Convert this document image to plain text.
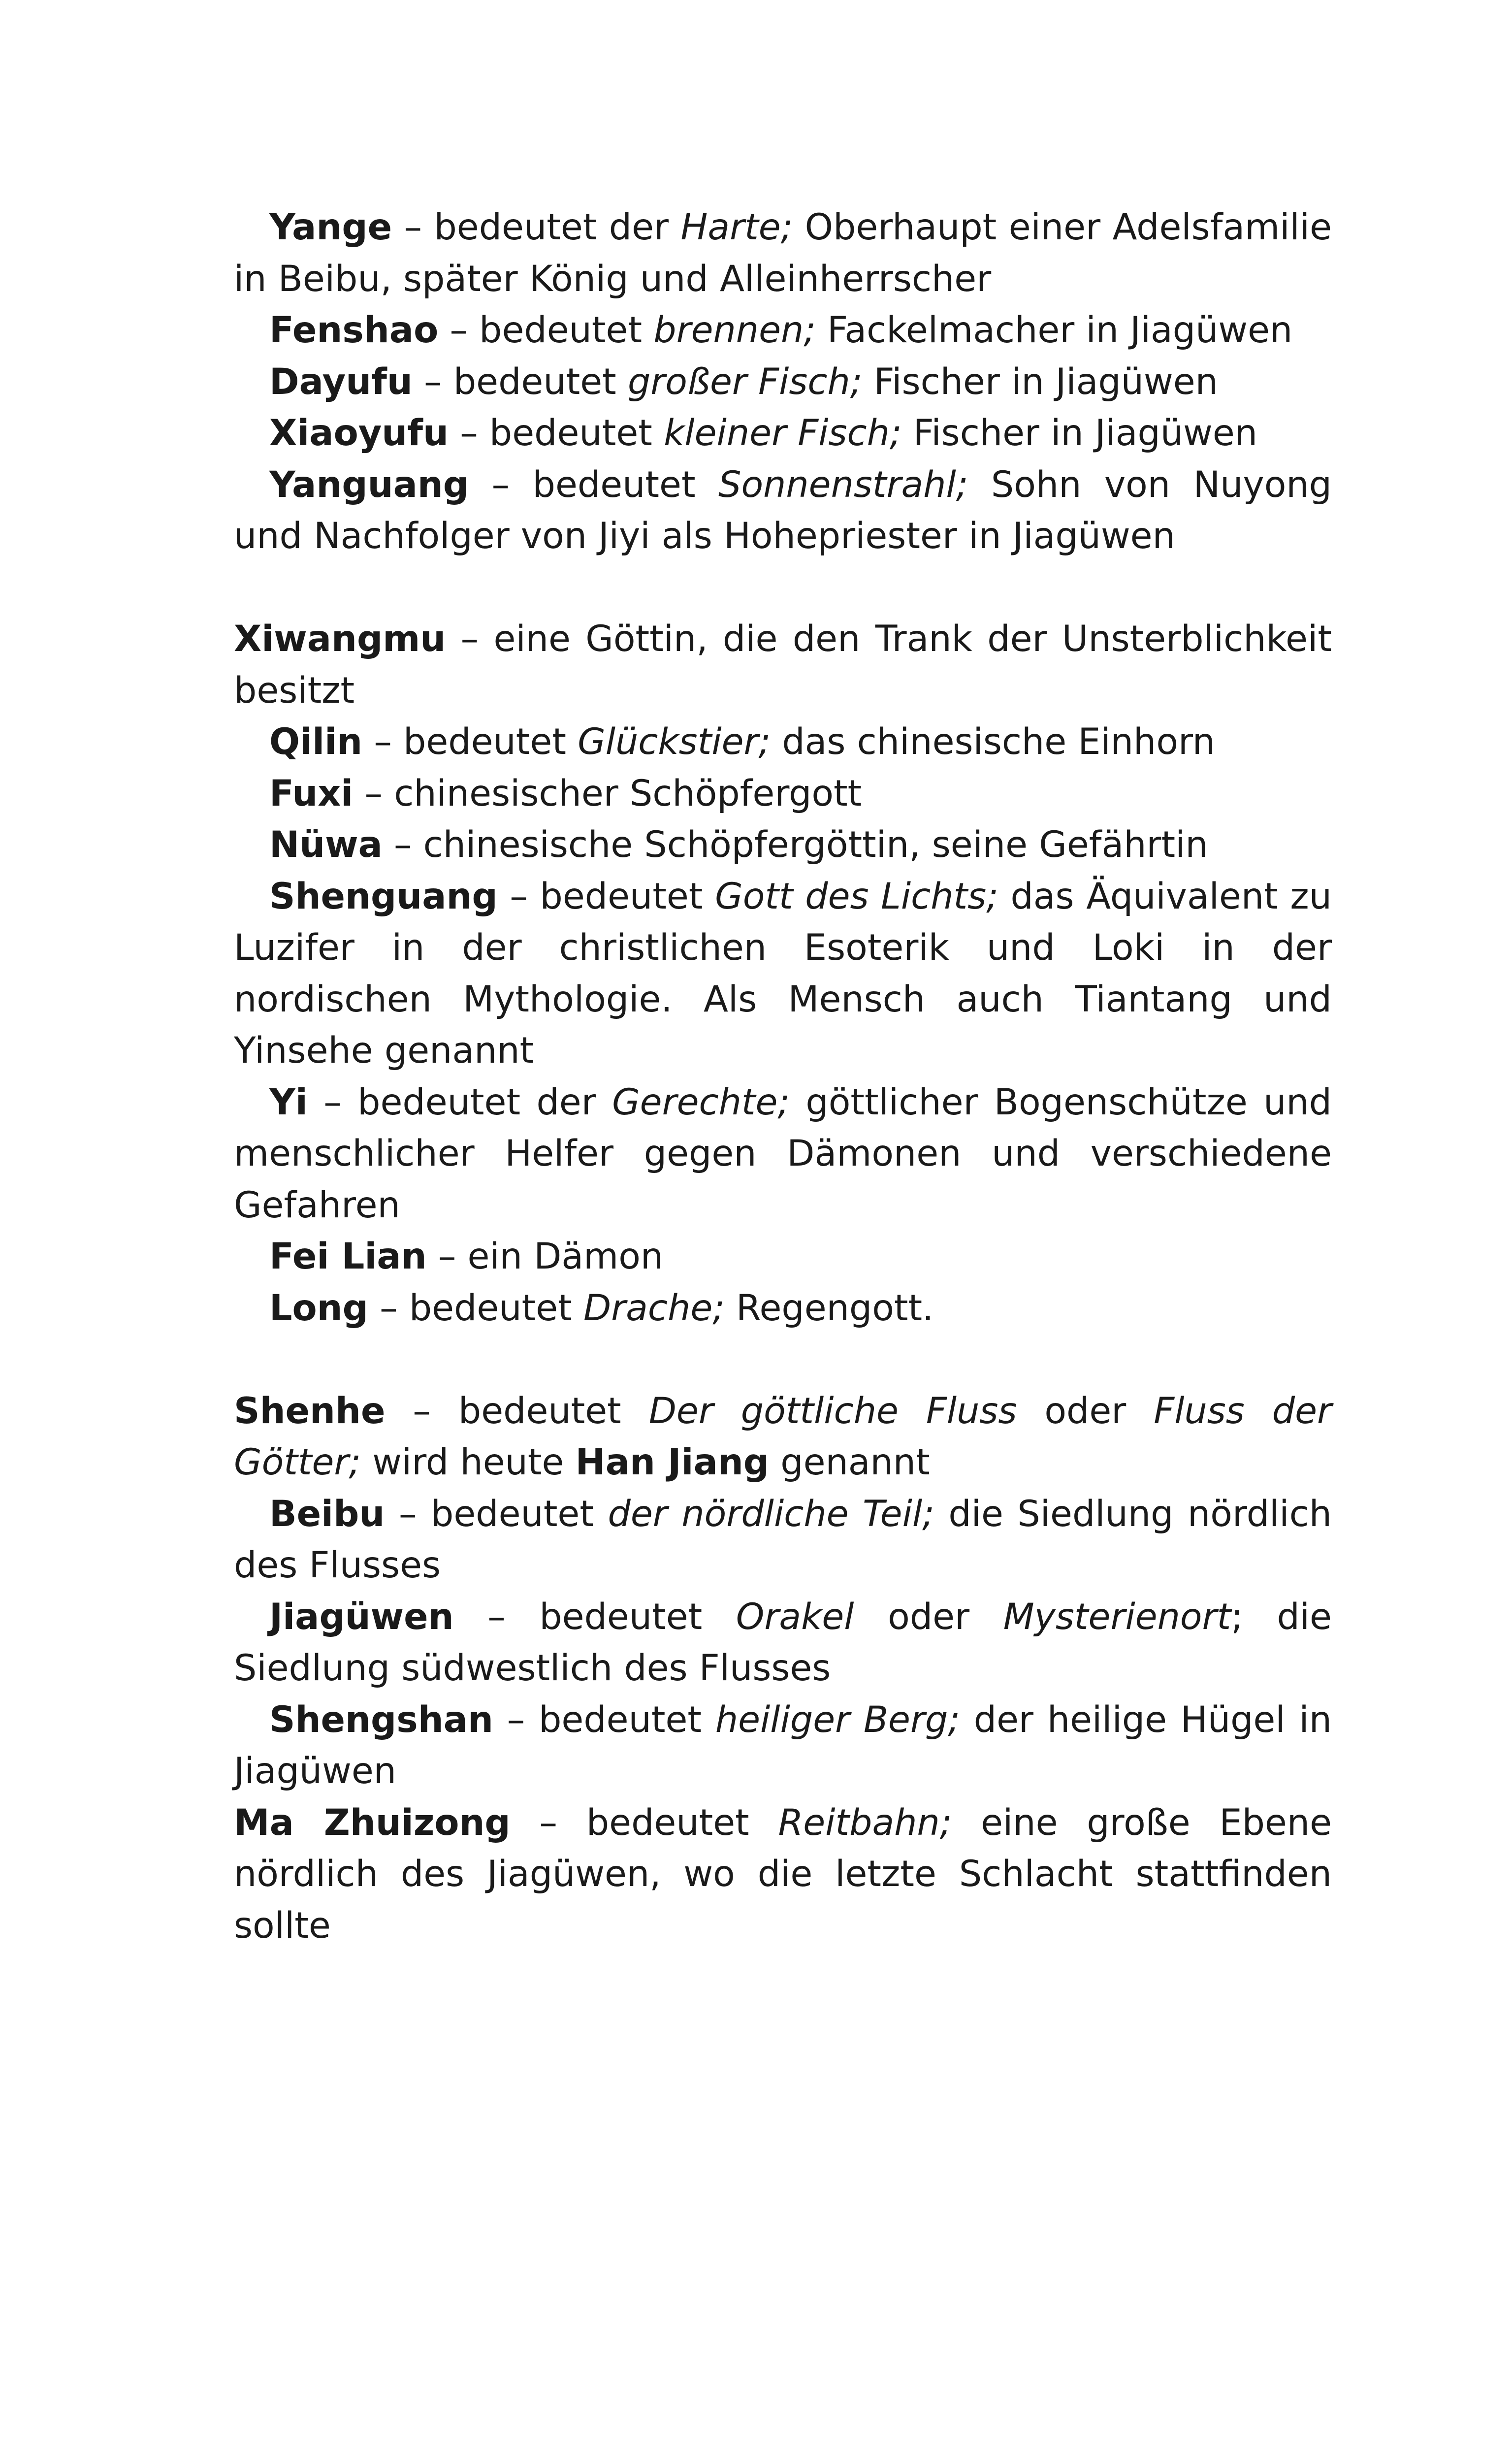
Yange – bedeutet der Harte; Oberhaupt einer Adelsfamilie in Beibu, später König und Alleinherrscher

Fenshao – bedeutet brennen; Fackelmacher in Jiagüwen

Dayufu – bedeutet großer Fisch; Fischer in Jiagüwen

Xiaoyufu – bedeutet kleiner Fisch; Fischer in Jiagüwen

Yanguang – bedeutet Sonnenstrahl; Sohn von Nuyong und Nachfolger von Jiyi als Hohepriester in Jiagüwen

Xiwangmu – eine Göttin, die den Trank der Unsterblichkeit besitzt

Qilin – bedeutet Glückstier; das chinesische Einhorn

Fuxi – chinesischer Schöpfergott

Nüwa – chinesische Schöpfergöttin, seine Gefährtin

Shenguang – bedeutet Gott des Lichts; das Äquivalent zu Luzifer in der christlichen Esoterik und Loki in der nordischen Mythologie. Als Mensch auch Tiantang und Yinsehe genannt

Yi – bedeutet der Gerechte; göttlicher Bogenschütze und menschlicher Helfer gegen Dämonen und verschiedene Gefahren

Fei Lian – ein Dämon

Long – bedeutet Drache; Regengott.

Shenhe – bedeutet Der göttliche Fluss oder Fluss der Götter; wird heute Han Jiang genannt

Beibu – bedeutet der nördliche Teil; die Siedlung nördlich des Flusses

Jiagüwen – bedeutet Orakel oder Mysterienort; die Siedlung südwestlich des Flusses

Shengshan – bedeutet heiliger Berg; der heilige Hügel in Jiagüwen

Ma Zhuizong – bedeutet Reitbahn; eine große Ebene nördlich des Jiagüwen, wo die letzte Schlacht stattfinden sollte
